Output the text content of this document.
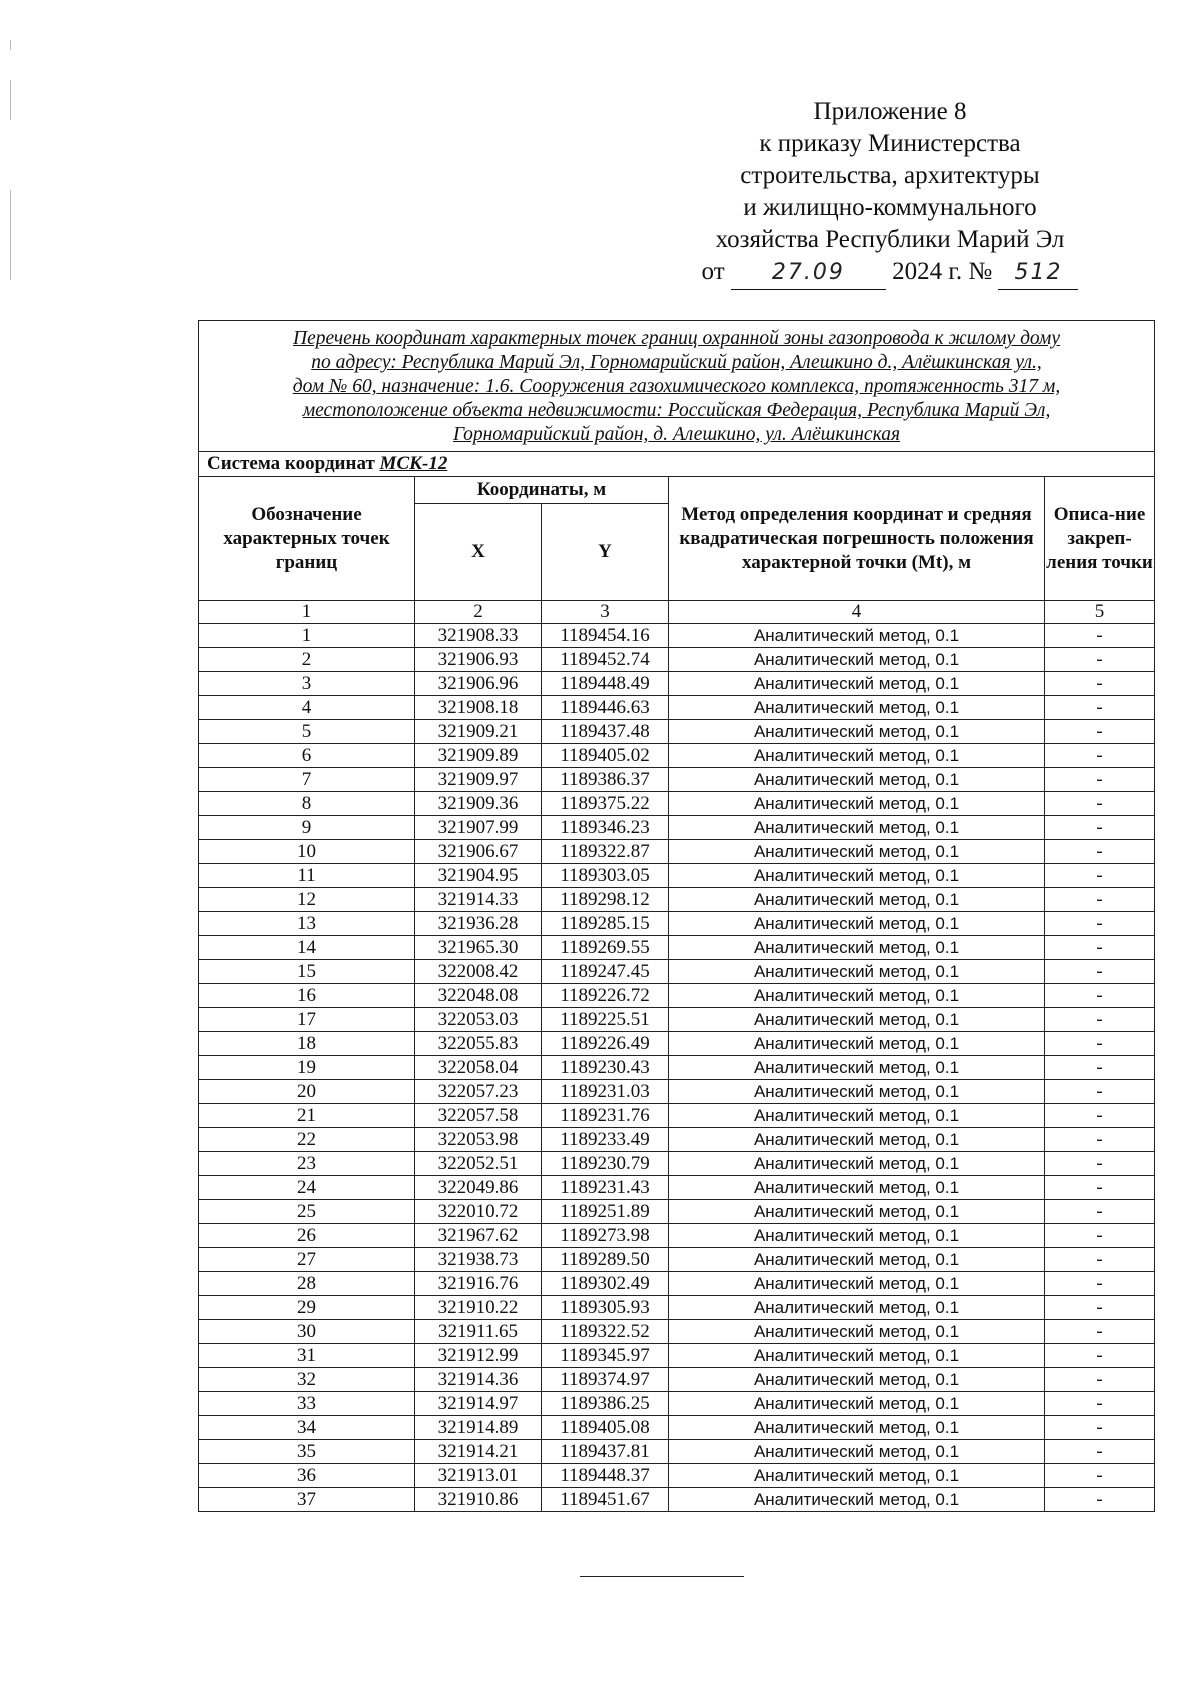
Приложение 8
к приказу Министерства
строительства, архитектуры
и жилищно-коммунального
хозяйства Республики Марий Эл
от 27.09 2024 г. № 512
Перечень координат характерных точек границ охранной зоны газопровода к жилому дому
по адресу: Республика Марий Эл, Горномарийский район, Алешкино д., Алёшкинская ул.,
дом № 60, назначение: 1.6. Сооружения газохимического комплекса, протяженность 317 м,
местоположение объекта недвижимости: Российская Федерация, Республика Марий Эл,
Горномарийский район, д. Алешкино, ул. Алёшкинская				

Система координат МСК-12				
Обозначение характерных точек границ	Координаты, м		Метод определения координат и средняя квадратическая погрешность положения характерной точки (Mt), м	Описа-ние закреп-ления точки
	X	Y		
1	2	3	4	5
1	321908.33	1189454.16	Аналитический метод, 0.1	-
2	321906.93	1189452.74	Аналитический метод, 0.1	-
3	321906.96	1189448.49	Аналитический метод, 0.1	-
4	321908.18	1189446.63	Аналитический метод, 0.1	-
5	321909.21	1189437.48	Аналитический метод, 0.1	-
6	321909.89	1189405.02	Аналитический метод, 0.1	-
7	321909.97	1189386.37	Аналитический метод, 0.1	-
8	321909.36	1189375.22	Аналитический метод, 0.1	-
9	321907.99	1189346.23	Аналитический метод, 0.1	-
10	321906.67	1189322.87	Аналитический метод, 0.1	-
11	321904.95	1189303.05	Аналитический метод, 0.1	-
12	321914.33	1189298.12	Аналитический метод, 0.1	-
13	321936.28	1189285.15	Аналитический метод, 0.1	-
14	321965.30	1189269.55	Аналитический метод, 0.1	-
15	322008.42	1189247.45	Аналитический метод, 0.1	-
16	322048.08	1189226.72	Аналитический метод, 0.1	-
17	322053.03	1189225.51	Аналитический метод, 0.1	-
18	322055.83	1189226.49	Аналитический метод, 0.1	-
19	322058.04	1189230.43	Аналитический метод, 0.1	-
20	322057.23	1189231.03	Аналитический метод, 0.1	-
21	322057.58	1189231.76	Аналитический метод, 0.1	-
22	322053.98	1189233.49	Аналитический метод, 0.1	-
23	322052.51	1189230.79	Аналитический метод, 0.1	-
24	322049.86	1189231.43	Аналитический метод, 0.1	-
25	322010.72	1189251.89	Аналитический метод, 0.1	-
26	321967.62	1189273.98	Аналитический метод, 0.1	-
27	321938.73	1189289.50	Аналитический метод, 0.1	-
28	321916.76	1189302.49	Аналитический метод, 0.1	-
29	321910.22	1189305.93	Аналитический метод, 0.1	-
30	321911.65	1189322.52	Аналитический метод, 0.1	-
31	321912.99	1189345.97	Аналитический метод, 0.1	-
32	321914.36	1189374.97	Аналитический метод, 0.1	-
33	321914.97	1189386.25	Аналитический метод, 0.1	-
34	321914.89	1189405.08	Аналитический метод, 0.1	-
35	321914.21	1189437.81	Аналитический метод, 0.1	-
36	321913.01	1189448.37	Аналитический метод, 0.1	-
37	321910.86	1189451.67	Аналитический метод, 0.1	-
